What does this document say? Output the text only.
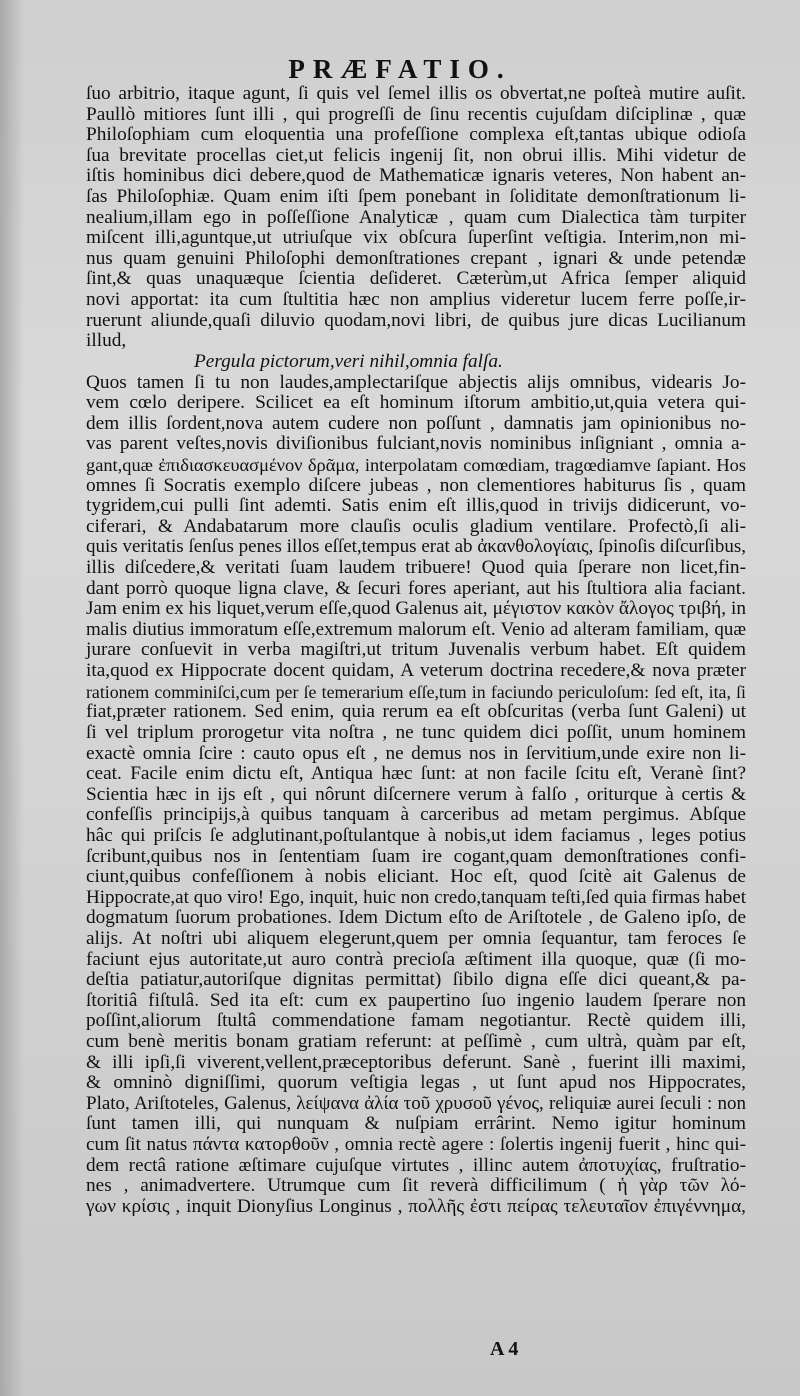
PRÆFATIO.
ſuo arbitrio, itaque agunt, ſi quis vel ſemel illis os obvertat,ne poſteà mutire auſit.
Paullò mitiores ſunt illi , qui progreſſi de ſinu recentis cujuſdam diſciplinæ , quæ
Philoſophiam cum eloquentia una profeſſione complexa eſt,tantas ubique odioſa
ſua brevitate procellas ciet,ut felicis ingenij ſit, non obrui illis. Mihi videtur de
iſtis hominibus dici debere,quod de Mathematicæ ignaris veteres, Non habent an-
ſas Philoſophiæ. Quam enim iſti ſpem ponebant in ſoliditate demonſtrationum li-
nealium,illam ego in poſſeſſione Analyticæ , quam cum Dialectica tàm turpiter
miſcent illi,aguntque,ut utriuſque vix obſcura ſuperſint veſtigia. Interim,non mi-
nus quam genuini Philoſophi demonſtrationes crepant , ignari & unde petendæ
ſint,& quas unaquæque ſcientia deſideret. Cæterùm,ut Africa ſemper aliquid
novi apportat: ita cum ſtultitia hæc non amplius videretur lucem ferre poſſe,ir-
ruerunt aliunde,quaſi diluvio quodam,novi libri, de quibus jure dicas Lucilianum
illud,
Pergula pictorum,veri nihil,omnia falſa.
Quos tamen ſi tu non laudes,amplectariſque abjectis alijs omnibus, videaris Jo-
vem cœlo deripere. Scilicet ea eſt hominum iſtorum ambitio,ut,quia vetera qui-
dem illis ſordent,nova autem cudere non poſſunt , damnatis jam opinionibus no-
vas parent veſtes,novis diviſionibus fulciant,novis nominibus inſigniant , omnia a-
gant,quæ ἐπιδιασκευασμένον δρᾶμα, interpolatam comœdiam, tragœdiamve ſapiant. Hos
omnes ſi Socratis exemplo diſcere jubeas , non clementiores habiturus ſis , quam
tygridem,cui pulli ſint ademti. Satis enim eſt illis,quod in trivijs didicerunt, vo-
ciferari, & Andabatarum more clauſis oculis gladium ventilare. Profectò,ſi ali-
quis veritatis ſenſus penes illos eſſet,tempus erat ab ἀκανθολογίαις, ſpinoſis diſcurſibus,
illis diſcedere,& veritati ſuam laudem tribuere! Quod quia ſperare non licet,fin-
dant porrò quoque ligna clave, & ſecuri fores aperiant, aut his ſtultiora alia faciant.
Jam enim ex his liquet,verum eſſe,quod Galenus ait, μέγιστον κακὸν ἄλογος τριβή, in
malis diutius immoratum eſſe,extremum malorum eſt. Venio ad alteram familiam, quæ
jurare conſuevit in verba magiſtri,ut tritum Juvenalis verbum habet. Eſt quidem
ita,quod ex Hippocrate docent quidam, A veterum doctrina recedere,& nova præter
rationem comminiſci,cum per ſe temerarium eſſe,tum in faciundo periculoſum: ſed eſt, ita, ſi
fiat,præter rationem. Sed enim, quia rerum ea eſt obſcuritas (verba ſunt Galeni) ut
ſi vel triplum prorogetur vita noſtra , ne tunc quidem dici poſſit, unum hominem
exactè omnia ſcire : cauto opus eſt , ne demus nos in ſervitium,unde exire non li-
ceat. Facile enim dictu eſt, Antiqua hæc ſunt: at non facile ſcitu eſt, Veranè ſint?
Scientia hæc in ijs eſt , qui nôrunt diſcernere verum à falſo , oriturque à certis &
confeſſis principijs,à quibus tanquam à carceribus ad metam pergimus. Abſque
hâc qui priſcis ſe adglutinant,poſtulantque à nobis,ut idem faciamus , leges potius
ſcribunt,quibus nos in ſententiam ſuam ire cogant,quam demonſtrationes confi-
ciunt,quibus confeſſionem à nobis eliciant. Hoc eſt, quod ſcitè ait Galenus de
Hippocrate,at quo viro! Ego, inquit, huic non credo,tanquam teſti,ſed quia firmas habet
dogmatum ſuorum probationes. Idem Dictum eſto de Ariſtotele , de Galeno ipſo, de
alijs. At noſtri ubi aliquem elegerunt,quem per omnia ſequantur, tam feroces ſe
faciunt ejus autoritate,ut auro contrà precioſa æſtiment illa quoque, quæ (ſi mo-
deſtia patiatur,autoriſque dignitas permittat) ſibilo digna eſſe dici queant,& pa-
ſtoritiâ fiſtulâ. Sed ita eſt: cum ex paupertino ſuo ingenio laudem ſperare non
poſſint,aliorum ſtultâ commendatione famam negotiantur. Rectè quidem illi,
cum benè meritis bonam gratiam referunt: at peſſimè , cum ultrà, quàm par eſt,
& illi ipſi,ſi viverent,vellent,præceptoribus deferunt. Sanè , fuerint illi maximi,
& omninò digniſſimi, quorum veſtigia legas , ut ſunt apud nos Hippocrates,
Plato, Ariſtoteles, Galenus, λείψανα ἀλία τοῦ χρυσοῦ γένος, reliquiæ aurei ſeculi : non
ſunt tamen illi, qui nunquam & nuſpiam errârint. Nemo igitur hominum
cum ſit natus πάντα κατορθοῦν , omnia rectè agere : ſolertis ingenij fuerit , hinc qui-
dem rectâ ratione æſtimare cujuſque virtutes , illinc autem ἀποτυχίας, fruſtratio-
nes , animadvertere. Utrumque cum ſit reverà difficilimum ( ἡ γὰρ τῶν λό-
γων κρίσις , inquit Dionyſius Longinus , πολλῆς ἐστι πείρας τελευταῖον ἐπιγέννημα,
A 4
